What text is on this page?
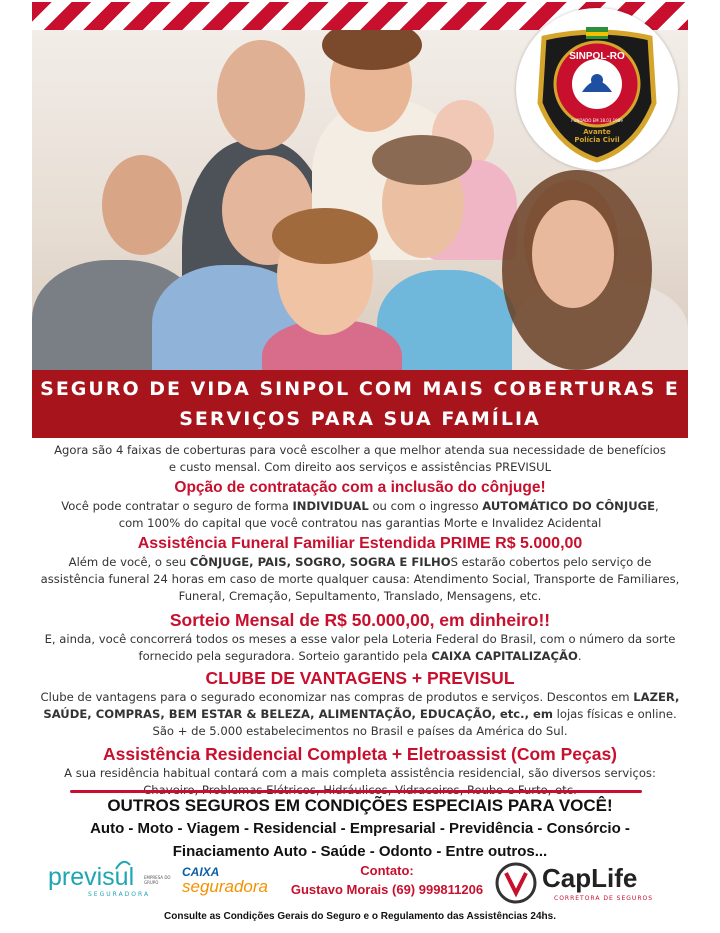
SINPOL-RO
FUNDADO EM 18.03.1989
Avante
Polícia Civil
SEGURO DE VIDA SINPOL COM MAIS COBERTURAS E
SERVIÇOS PARA SUA FAMÍLIA

Agora são 4 faixas de coberturas para você escolher a que melhor atenda sua necessidade de benefícios e custo mensal. Com direito aos serviços e assistências PREVISUL

Opção de contratação com a inclusão do cônjuge!

Você pode contratar o seguro de forma INDIVIDUAL ou com o ingresso AUTOMÁTICO DO CÔNJUGE, com 100% do capital que você contratou nas garantias Morte e Invalidez Acidental

Assistência Funeral Familiar Estendida PRIME R$ 5.000,00

Além de você, o seu CÔNJUGE, PAIS, SOGRO, SOGRA E FILHOS estarão cobertos pelo serviço de assistência funeral 24 horas em caso de morte qualquer causa: Atendimento Social, Transporte de Familiares, Funeral, Cremação, Sepultamento, Translado, Mensagens, etc.

Sorteio Mensal de R$ 50.000,00, em dinheiro!!

E, ainda, você concorrerá todos os meses a esse valor pela Loteria Federal do Brasil, com o número da sorte fornecido pela seguradora. Sorteio garantido pela CAIXA CAPITALIZAÇÃO.

CLUBE DE VANTAGENS + PREVISUL

Clube de vantagens para o segurado economizar nas compras de produtos e serviços. Descontos em LAZER, SAÚDE, COMPRAS, BEM ESTAR & BELEZA, ALIMENTAÇÃO, EDUCAÇÃO, etc., em lojas físicas e online. São + de 5.000 estabelecimentos no Brasil e países da América do Sul.

Assistência Residencial Completa + Eletroassist (Com Peças)

A sua residência habitual contará com a mais completa assistência residencial, são diversos serviços:

OUTROS SEGUROS EM CONDIÇÕES ESPECIAIS PARA VOCÊ!
Auto - Moto - Viagem - Residencial - Empresarial - Previdência - Consórcio -
Finaciamento Auto - Saúde - Odonto - Entre outros...
previsul
SEGURADORA
EMPRESA DO GRUPO
CAIXA
seguradora
Contato:
Gustavo Morais (69) 999811206	CapLife
CORRETORA DE SEGUROS
Consulte as Condições Gerais do Seguro e o Regulamento das Assistências 24hs.
